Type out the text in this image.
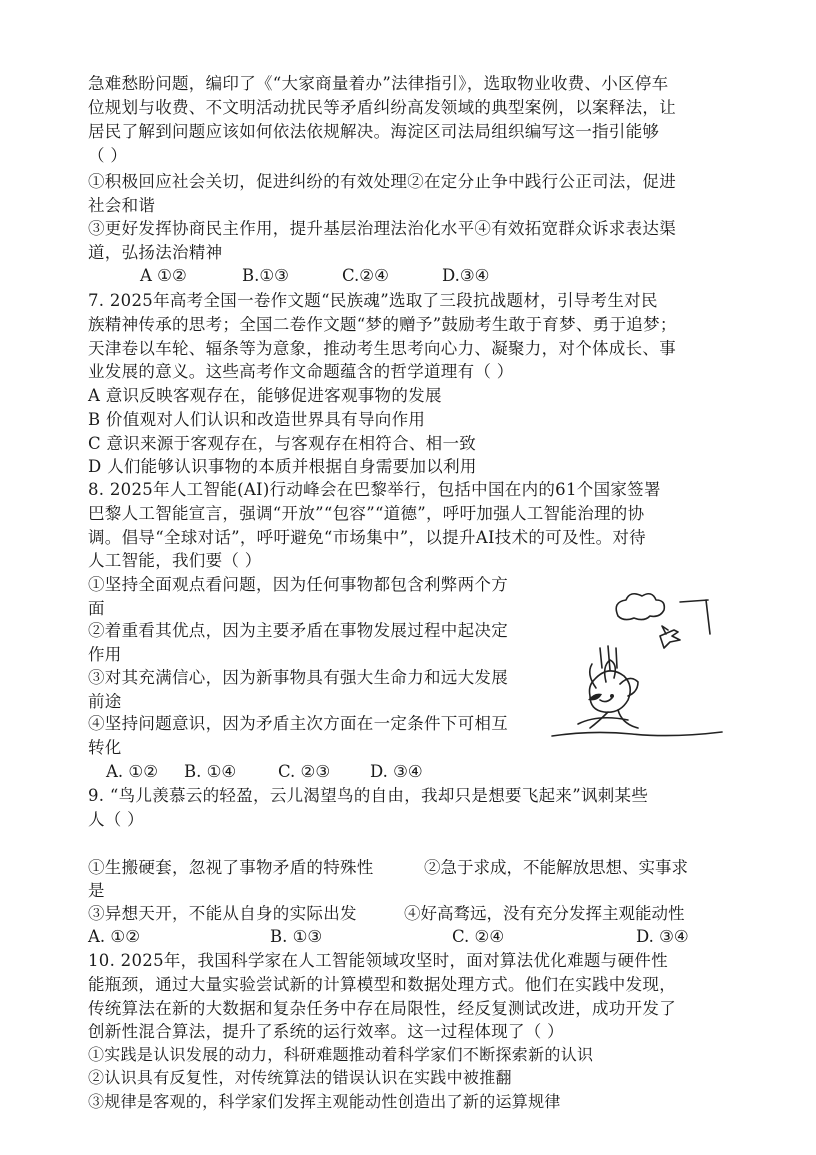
急难愁盼问题，编印了《“大家商量着办”法律指引》，选取物业收费、小区停车
位规划与收费、不文明活动扰民等矛盾纠纷高发领域的典型案例，以案释法，让
居民了解到问题应该如何依法依规解决。海淀区司法局组织编写这一指引能够
（ ）
①积极回应社会关切，促进纠纷的有效处理②在定分止争中践行公正司法，促进
社会和谐
③更好发挥协商民主作用，提升基层治理法治化水平④有效拓宽群众诉求表达渠
道，弘扬法治精神
A ①②	B.①③	C.②④	D.③④
7. 2025年高考全国一卷作文题“民族魂”选取了三段抗战题材，引导考生对民
族精神传承的思考；全国二卷作文题“梦的赠予”鼓励考生敢于育梦、勇于追梦；
天津卷以车轮、辐条等为意象，推动考生思考向心力、凝聚力，对个体成长、事
业发展的意义。这些高考作文命题蕴含的哲学道理有（ ）
A 意识反映客观存在，能够促进客观事物的发展
B 价值观对人们认识和改造世界具有导向作用
C 意识来源于客观存在，与客观存在相符合、相一致
D 人们能够认识事物的本质并根据自身需要加以利用
8. 2025年人工智能(AI)行动峰会在巴黎举行，包括中国在内的61个国家签署
巴黎人工智能宣言，强调“开放”“包容”“道德”，呼吁加强人工智能治理的协
调。倡导“全球对话”，呼吁避免“市场集中”，以提升AI技术的可及性。对待
人工智能，我们要（ ）
①坚持全面观点看问题，因为任何事物都包含利弊两个方
面
②着重看其优点，因为主要矛盾在事物发展过程中起决定
作用
③对其充满信心，因为新事物具有强大生命力和远大发展
前途
④坚持问题意识，因为矛盾主次方面在一定条件下可相互
转化
A. ①② B. ①④	C. ②③ D. ③④
9. “鸟儿羡慕云的轻盈，云儿渴望鸟的自由，我却只是想要飞起来”讽刺某些
人（ ）
①生搬硬套，忽视了事物矛盾的特殊性	②急于求成，不能解放思想、实事求
是
③异想天开，不能从自身的实际出发	④好高骛远，没有充分发挥主观能动性
A. ①②	B. ①③	C. ②④	D. ③④
10. 2025年，我国科学家在人工智能领域攻坚时，面对算法优化难题与硬件性
能瓶颈，通过大量实验尝试新的计算模型和数据处理方式。他们在实践中发现，
传统算法在新的大数据和复杂任务中存在局限性，经反复测试改进，成功开发了
创新性混合算法，提升了系统的运行效率。这一过程体现了（ ）
①实践是认识发展的动力，科研难题推动着科学家们不断探索新的认识
②认识具有反复性，对传统算法的错误认识在实践中被推翻
③规律是客观的，科学家们发挥主观能动性创造出了新的运算规律
